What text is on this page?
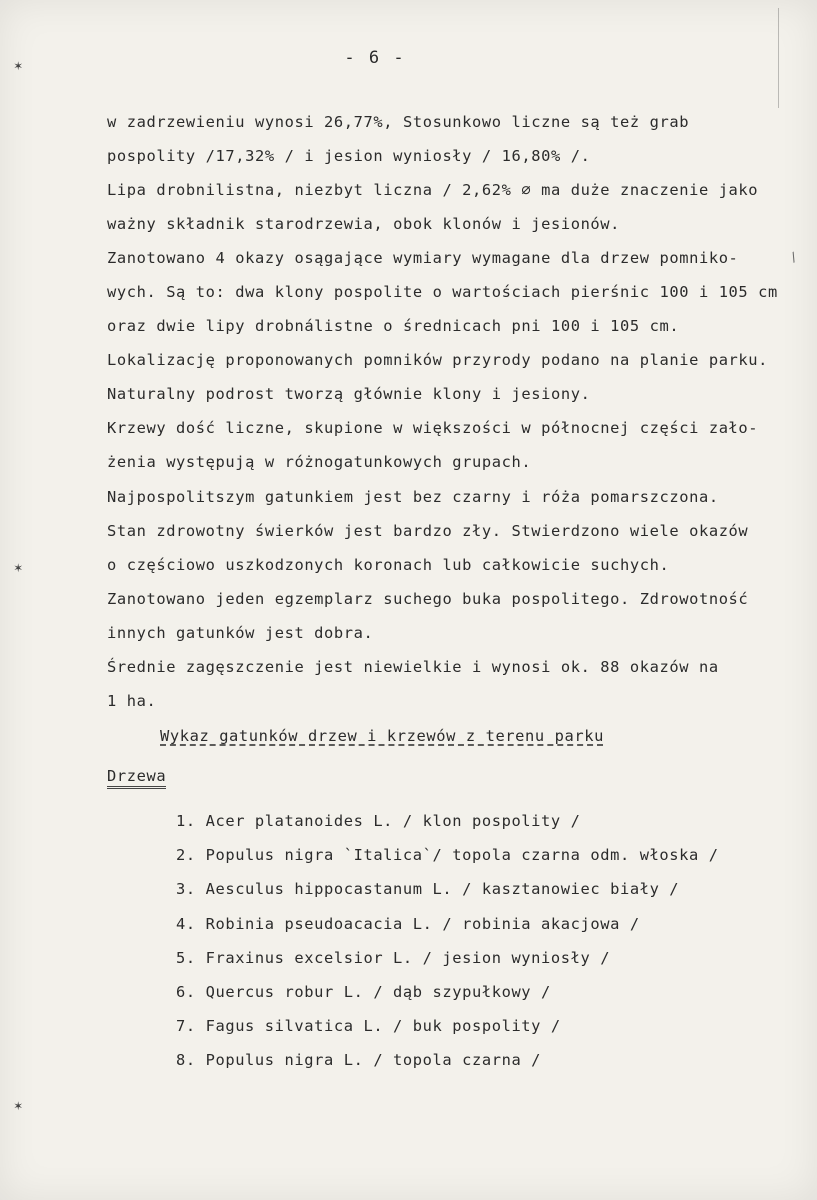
✶
✶
✶
/
- 6 -
w zadrzewieniu wynosi 26,77%, Stosunkowo liczne są też grab
pospolity /17,32% / i jesion wyniosły / 16,80% /.
Lipa drobnilistna, niezbyt liczna / 2,62% ∅ ma duże znaczenie jako
ważny składnik starodrzewia, obok klonów i jesionów.
Zanotowano 4 okazy osągające wymiary wymagane dla drzew pomniko-
wych. Są to: dwa klony pospolite o wartościach pierśnic 100 i 105 cm
oraz dwie lipy drobnálistne o średnicach pni 100 i 105 cm.
Lokalizację proponowanych pomników przyrody podano na planie parku.
Naturalny podrost tworzą głównie klony i jesiony.
Krzewy dość liczne, skupione w większości w północnej części zało-
żenia występują w różnogatunkowych grupach.
Najpospolitszym gatunkiem jest bez czarny i róża pomarszczona.
Stan zdrowotny świerków jest bardzo zły. Stwierdzono wiele okazów
o częściowo uszkodzonych koronach lub całkowicie suchych.
Zanotowano jeden egzemplarz suchego buka pospolitego. Zdrowotność
innych gatunków jest dobra.
Średnie zagęszczenie jest niewielkie i wynosi ok. 88 okazów na
1 ha.
Wykaz gatunków drzew i krzewów z terenu parku
Drzewa
1. Acer platanoides L. / klon pospolity /
2. Populus nigra `Italica`/ topola czarna odm. włoska /
3. Aesculus hippocastanum L. / kasztanowiec biały /
4. Robinia pseudoacacia L. / robinia akacjowa /
5. Fraxinus excelsior L. / jesion wyniosły /
6. Quercus robur L. / dąb szypułkowy /
7. Fagus silvatica L. / buk pospolity /
8. Populus nigra L. / topola czarna /
